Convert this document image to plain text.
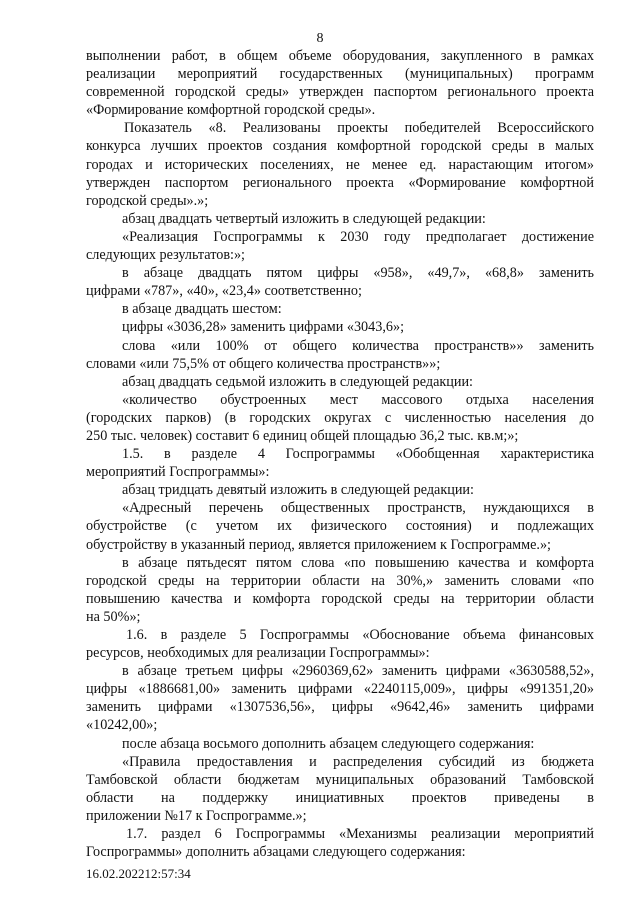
8
выполнении работ, в общем объеме оборудования, закупленного в рамках
реализации мероприятий государственных (муниципальных) программ
современной городской среды» утвержден паспортом регионального проекта
«Формирование комфортной городской среды».
Показатель «8. Реализованы проекты победителей Всероссийского
конкурса лучших проектов создания комфортной городской среды в малых
городах и исторических поселениях, не менее ед. нарастающим итогом»
утвержден паспортом регионального проекта «Формирование комфортной
городской среды».»;
абзац двадцать четвертый изложить в следующей редакции:
«Реализация Госпрограммы к 2030 году предполагает достижение
следующих результатов:»;
в абзаце двадцать пятом цифры «958», «49,7», «68,8» заменить
цифрами «787», «40», «23,4» соответственно;
в абзаце двадцать шестом:
цифры «3036,28» заменить цифрами «3043,6»;
слова «или 100% от общего количества пространств»» заменить
словами «или 75,5% от общего количества пространств»»;
абзац двадцать седьмой изложить в следующей редакции:
«количество обустроенных мест массового отдыха населения
(городских парков) (в городских округах с численностью населения до
250 тыс. человек) составит 6 единиц общей площадью 36,2 тыс. кв.м;»;
1.5. в разделе 4 Госпрограммы «Обобщенная характеристика
мероприятий Госпрограммы»:
абзац тридцать девятый изложить в следующей редакции:
«Адресный перечень общественных пространств, нуждающихся в
обустройстве (с учетом их физического состояния) и подлежащих
обустройству в указанный период, является приложением к Госпрограмме.»;
в абзаце пятьдесят пятом слова «по повышению качества и комфорта
городской среды на территории области на 30%,» заменить словами «по
повышению качества и комфорта городской среды на территории области
на 50%»;
1.6. в разделе 5 Госпрограммы «Обоснование объема финансовых
ресурсов, необходимых для реализации Госпрограммы»:
в абзаце третьем цифры «2960369,62» заменить цифрами «3630588,52»,
цифры «1886681,00» заменить цифрами «2240115,009», цифры «991351,20»
заменить цифрами «1307536,56», цифры «9642,46» заменить цифрами
«10242,00»;
после абзаца восьмого дополнить абзацем следующего содержания:
«Правила предоставления и распределения субсидий из бюджета
Тамбовской области бюджетам муниципальных образований Тамбовской
области на поддержку инициативных проектов приведены в
приложении №17 к Госпрограмме.»;
1.7. раздел 6 Госпрограммы «Механизмы реализации мероприятий
Госпрограммы» дополнить абзацами следующего содержания:
16.02.202212:57:34
